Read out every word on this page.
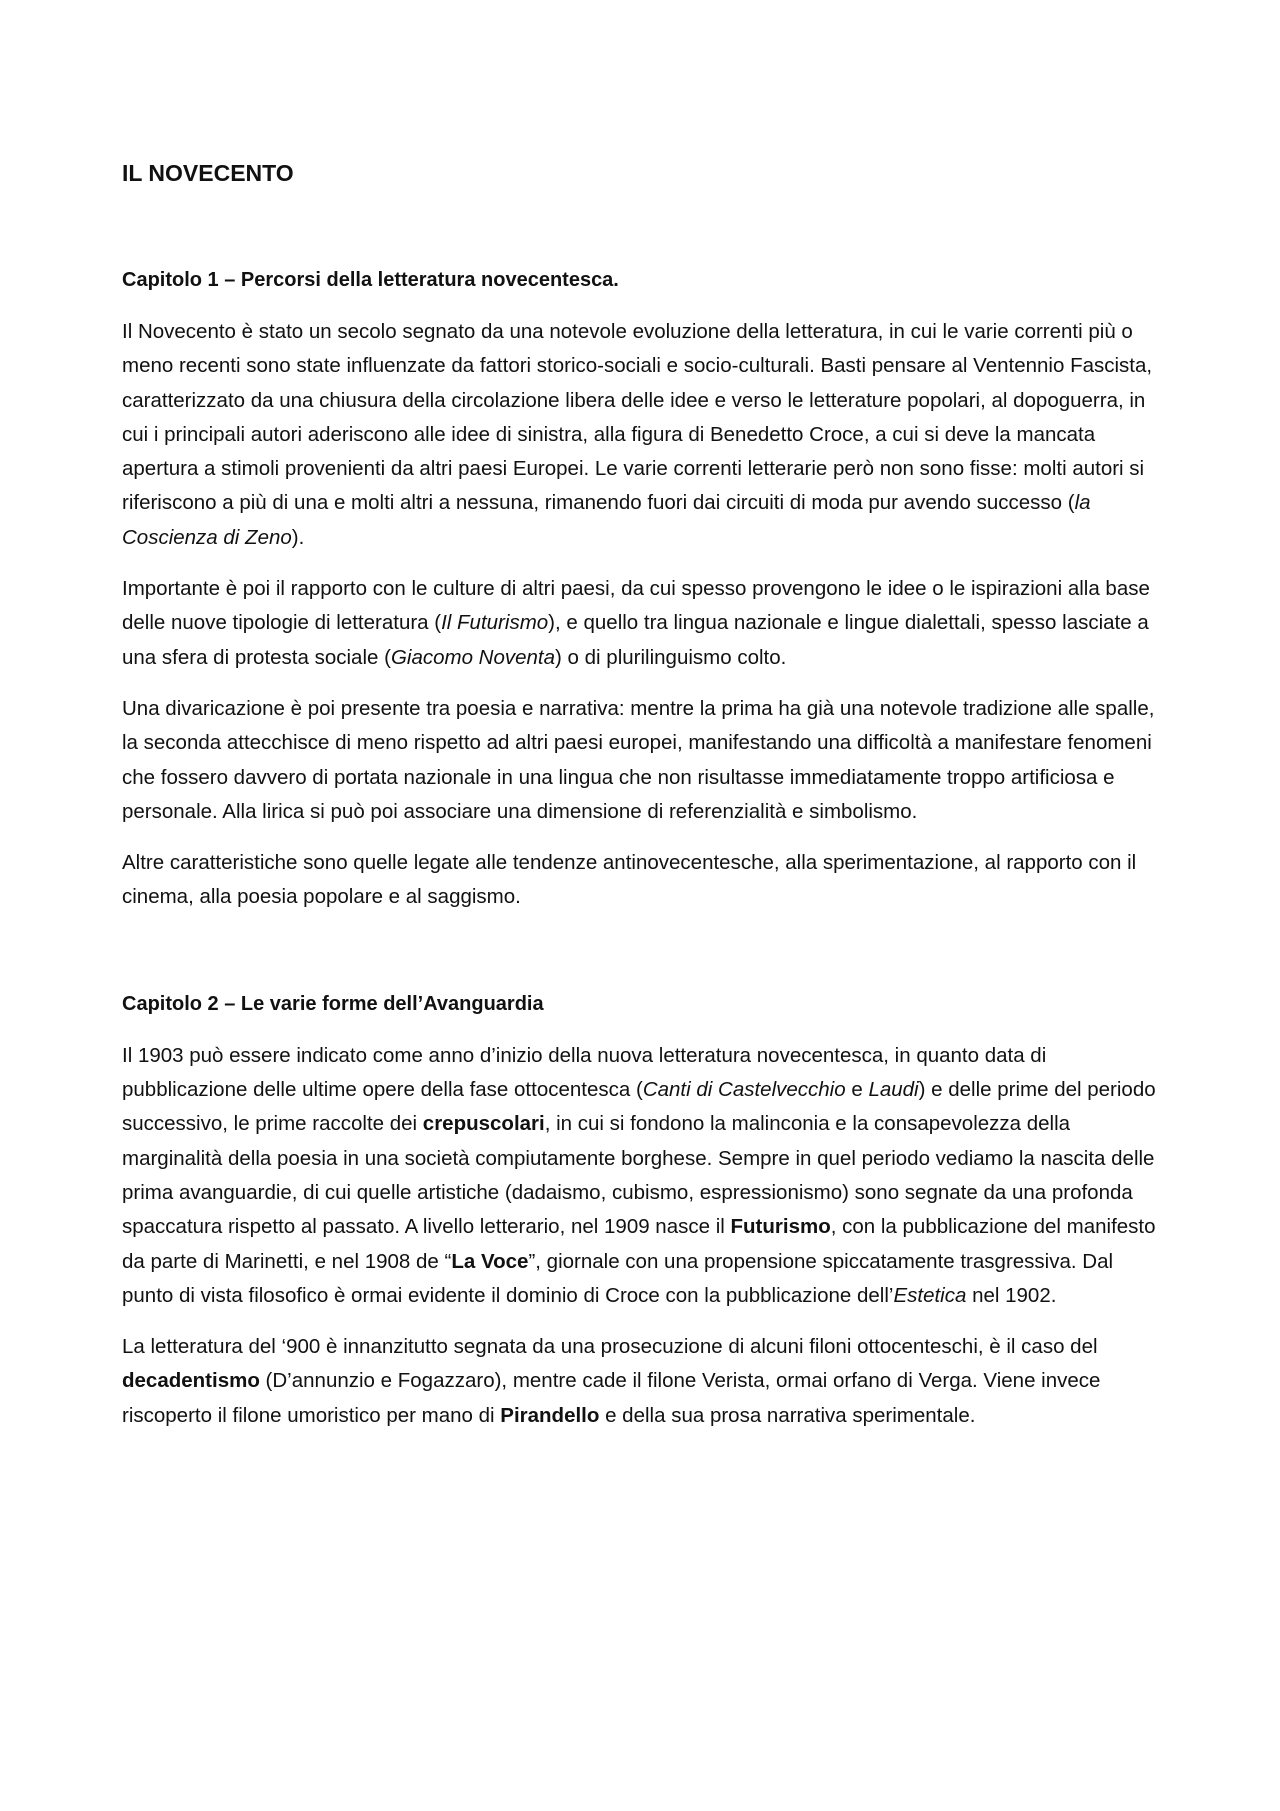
IL NOVECENTO
Capitolo 1 – Percorsi della letteratura novecentesca.

Il Novecento è stato un secolo segnato da una notevole evoluzione della letteratura, in cui le varie correnti più o meno recenti sono state influenzate da fattori storico-sociali e socio-culturali. Basti pensare al Ventennio Fascista, caratterizzato da una chiusura della circolazione libera delle idee e verso le letterature popolari, al dopoguerra, in cui i principali autori aderiscono alle idee di sinistra, alla figura di Benedetto Croce, a cui si deve la mancata apertura a stimoli provenienti da altri paesi Europei. Le varie correnti letterarie però non sono fisse: molti autori si riferiscono a più di una e molti altri a nessuna, rimanendo fuori dai circuiti di moda pur avendo successo (la Coscienza di Zeno).

Importante è poi il rapporto con le culture di altri paesi, da cui spesso provengono le idee o le ispirazioni alla base delle nuove tipologie di letteratura (Il Futurismo), e quello tra lingua nazionale e lingue dialettali, spesso lasciate a una sfera di protesta sociale (Giacomo Noventa) o di plurilinguismo colto.

Una divaricazione è poi presente tra poesia e narrativa: mentre la prima ha già una notevole tradizione alle spalle, la seconda attecchisce di meno rispetto ad altri paesi europei, manifestando una difficoltà a manifestare fenomeni che fossero davvero di portata nazionale in una lingua che non risultasse immediatamente troppo artificiosa e personale. Alla lirica si può poi associare una dimensione di referenzialità e simbolismo.

Altre caratteristiche sono quelle legate alle tendenze antinovecentesche, alla sperimentazione, al rapporto con il cinema, alla poesia popolare e al saggismo.

Capitolo 2 – Le varie forme dell’Avanguardia

Il 1903 può essere indicato come anno d’inizio della nuova letteratura novecentesca, in quanto data di pubblicazione delle ultime opere della fase ottocentesca (Canti di Castelvecchio e Laudi) e delle prime del periodo successivo, le prime raccolte dei crepuscolari, in cui si fondono la malinconia e la consapevolezza della marginalità della poesia in una società compiutamente borghese. Sempre in quel periodo vediamo la nascita delle prima avanguardie, di cui quelle artistiche (dadaismo, cubismo, espressionismo) sono segnate da una profonda spaccatura rispetto al passato. A livello letterario, nel 1909 nasce il Futurismo, con la pubblicazione del manifesto da parte di Marinetti, e nel 1908 de “La Voce”, giornale con una propensione spiccatamente trasgressiva. Dal punto di vista filosofico è ormai evidente il dominio di Croce con la pubblicazione dell’Estetica nel 1902.

La letteratura del ‘900 è innanzitutto segnata da una prosecuzione di alcuni filoni ottocenteschi, è il caso del decadentismo (D’annunzio e Fogazzaro), mentre cade il filone Verista, ormai orfano di Verga. Viene invece riscoperto il filone umoristico per mano di Pirandello e della sua prosa narrativa sperimentale.
